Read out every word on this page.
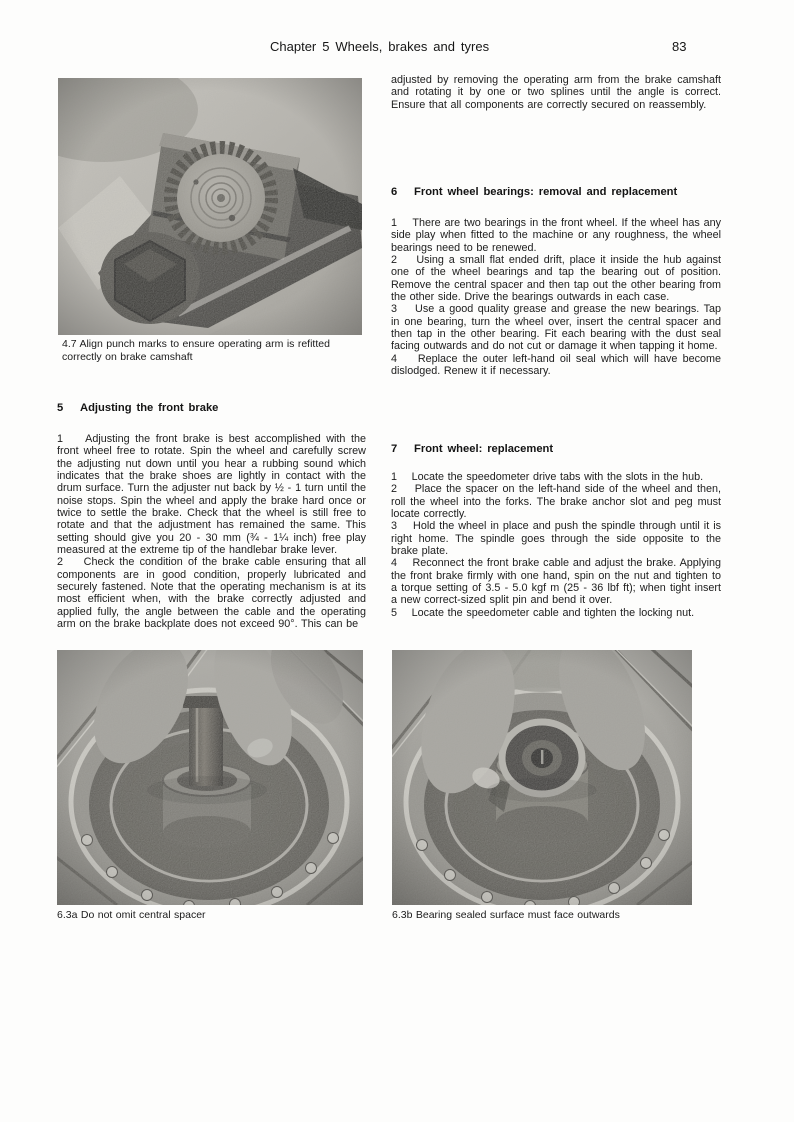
Chapter 5 Wheels, brakes and tyres	83
4.7 Align punch marks to ensure operating arm is refitted correctly on brake camshaft
5	Adjusting the front brake

1    Adjusting the front brake is best accomplished with the front wheel free to rotate. Spin the wheel and carefully screw the adjusting nut down until you hear a rubbing sound which indicates that the brake shoes are lightly in contact with the drum surface. Turn the adjuster nut back by ½ - 1 turn until the noise stops. Spin the wheel and apply the brake hard once or twice to settle the brake. Check that the wheel is still free to rotate and that the adjustment has remained the same. This setting should give you 20 - 30 mm (¾ - 1¼ inch) free play measured at the extreme tip of the handlebar brake lever.

2    Check the condition of the brake cable ensuring that all components are in good condition, properly lubricated and securely fastened. Note that the operating mechanism is at its most efficient when, with the brake correctly adjusted and applied fully, the angle between the cable and the operating arm on the brake backplate does not exceed 90°. This can be

adjusted by removing the operating arm from the brake camshaft and rotating it by one or two splines until the angle is correct. Ensure that all components are correctly secured on reassembly.

6	Front wheel bearings: removal and replacement

1    There are two bearings in the front wheel. If the wheel has any side play when fitted to the machine or any roughness, the wheel bearings need to be renewed.

2    Using a small flat ended drift, place it inside the hub against one of the wheel bearings and tap the bearing out of position. Remove the central spacer and then tap out the other bearing from the other side. Drive the bearings outwards in each case.

3    Use a good quality grease and grease the new bearings. Tap in one bearing, turn the wheel over, insert the central spacer and then tap in the other bearing. Fit each bearing with the dust seal facing outwards and do not cut or damage it when tapping it home.

4    Replace the outer left-hand oil seal which will have become dislodged. Renew it if necessary.

7	Front wheel: replacement

1    Locate the speedometer drive tabs with the slots in the hub.

2    Place the spacer on the left-hand side of the wheel and then, roll the wheel into the forks. The brake anchor slot and peg must locate correctly.

3    Hold the wheel in place and push the spindle through until it is right home. The spindle goes through the side opposite to the brake plate.

4    Reconnect the front brake cable and adjust the brake. Applying the front brake firmly with one hand, spin on the nut and tighten to a torque setting of 3.5 - 5.0 kgf m (25 - 36 lbf ft); when tight insert a new correct-sized split pin and bend it over.

5    Locate the speedometer cable and tighten the locking nut.

6.3a Do not omit central spacer	6.3b Bearing sealed surface must face outwards
